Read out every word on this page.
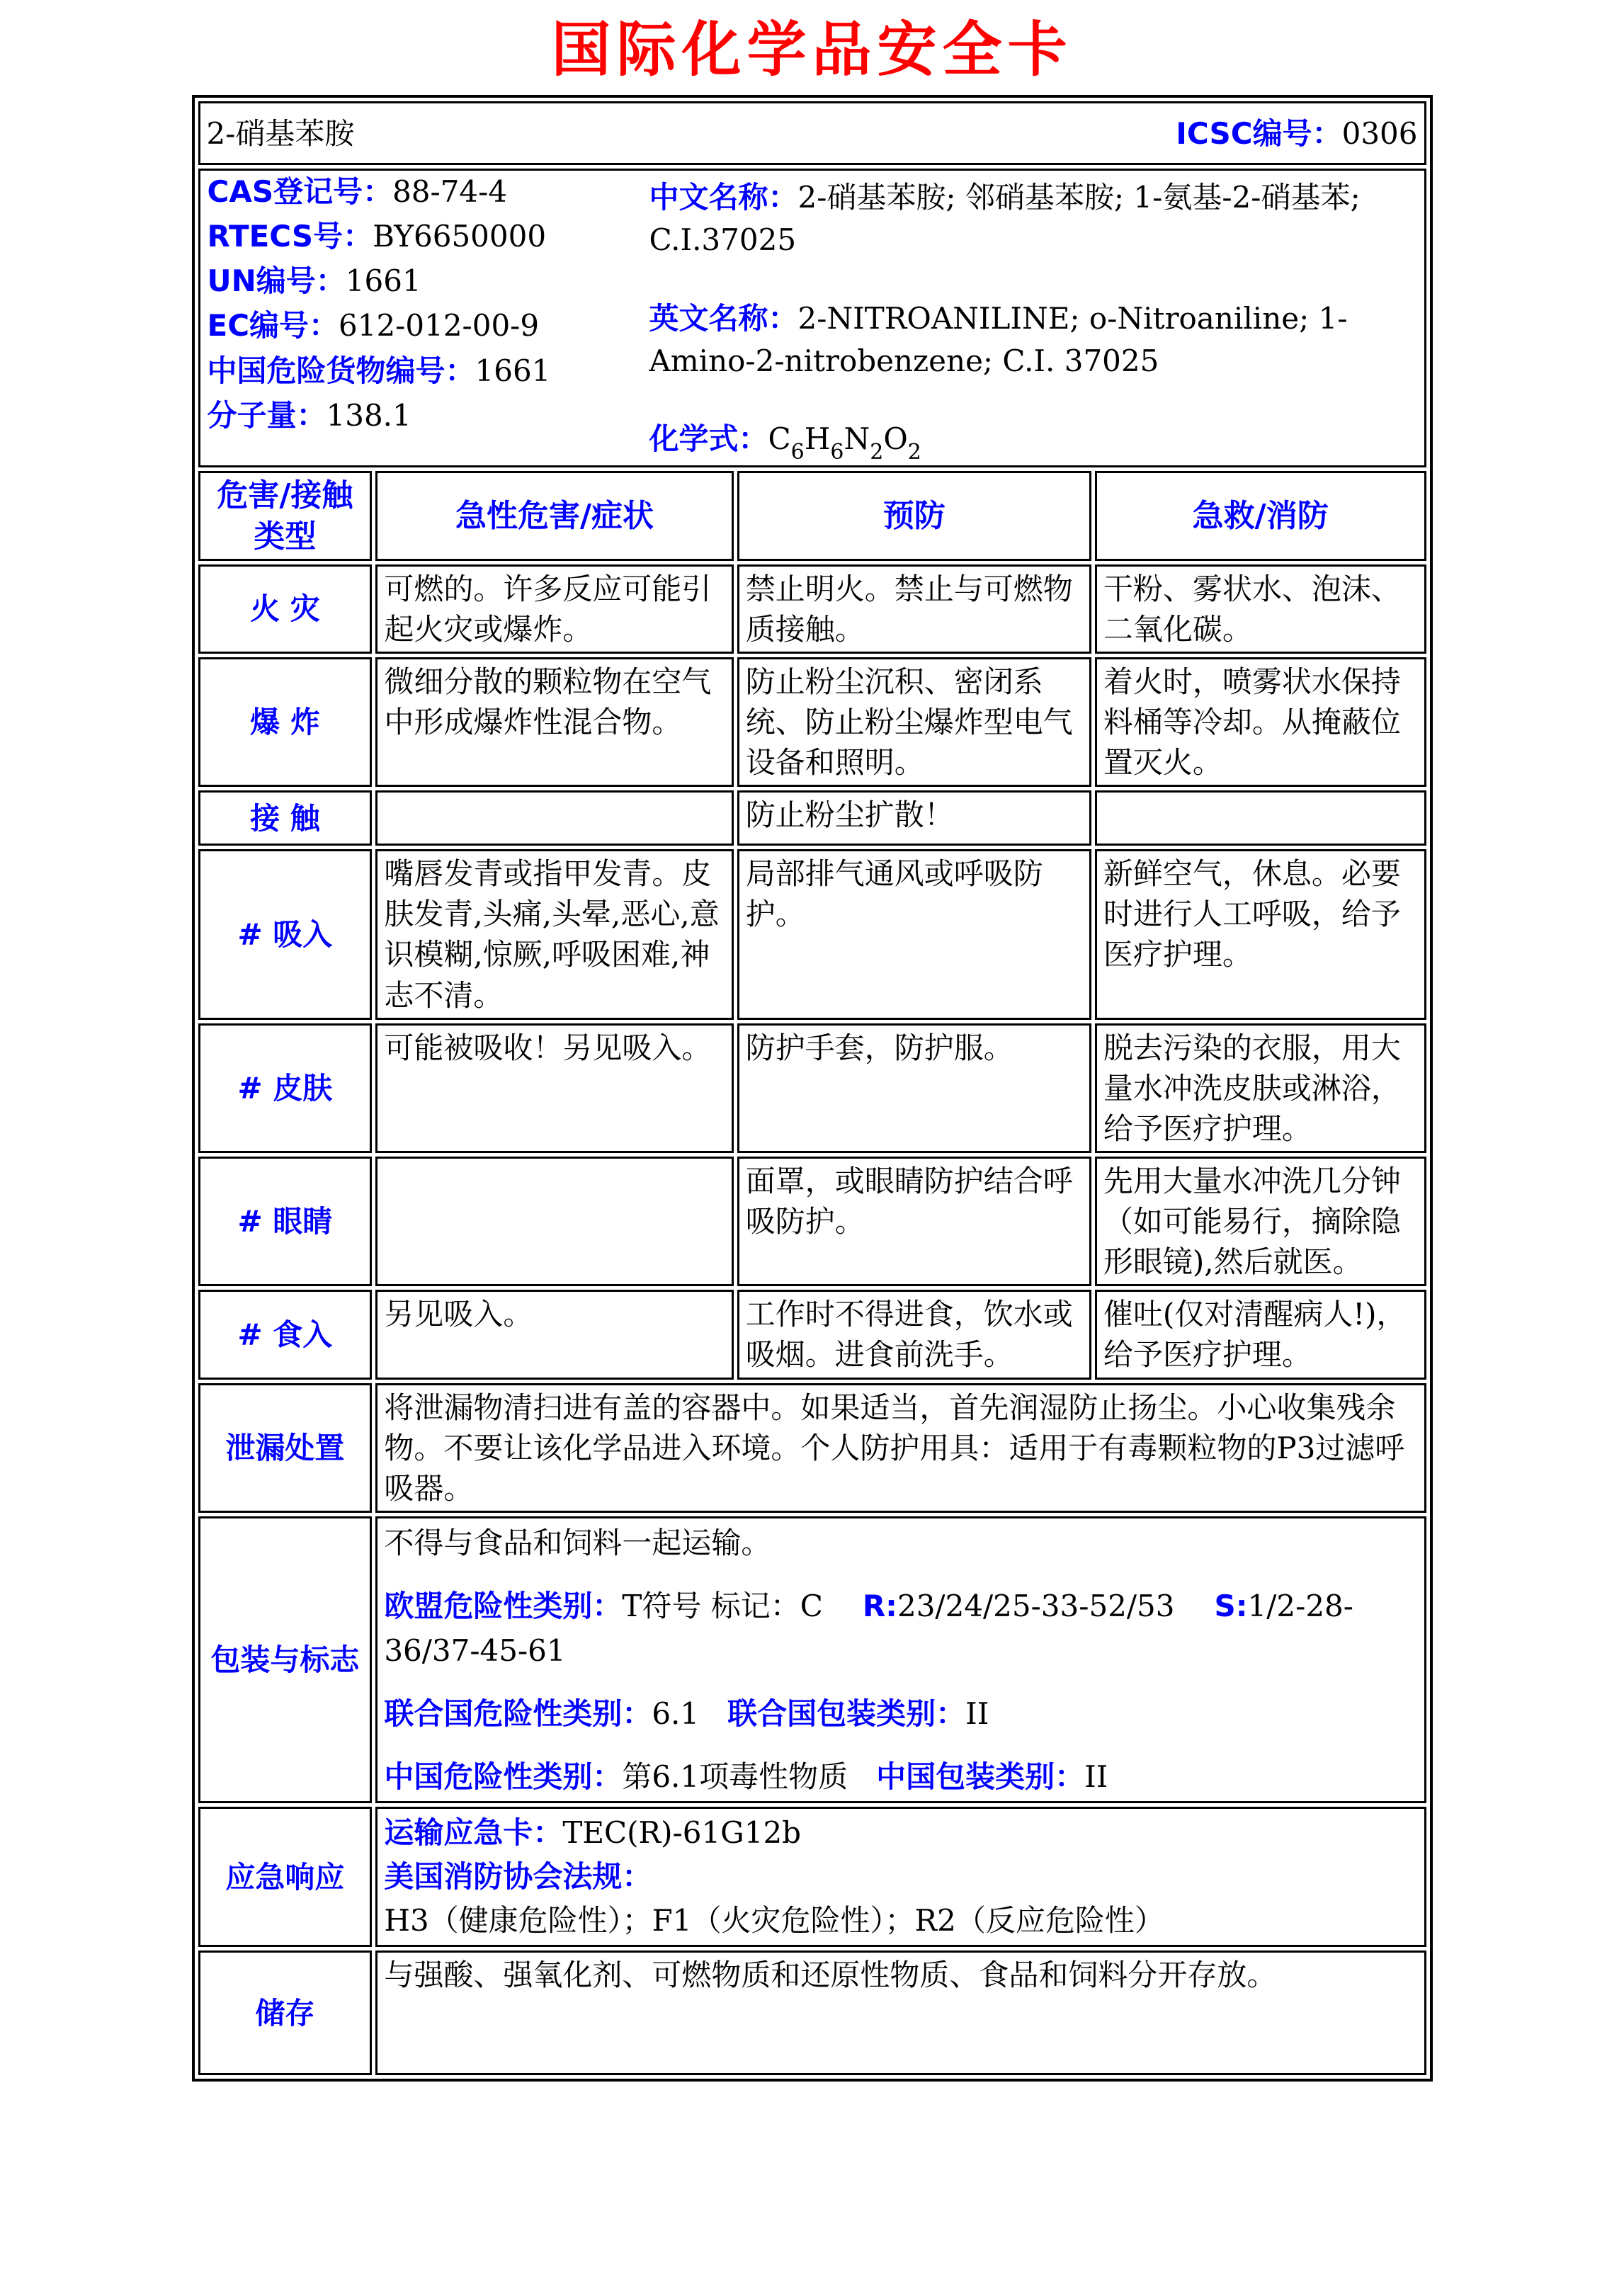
国际化学品安全卡
2-硝基苯胺 ICSC编号：0306			

CAS登记号：88-74-4
RTECS号：BY6650000
UN编号：1661
EC编号：612-012-00-9
中国危险货物编号：1661
分子量：138.1

中文名称：2-硝基苯胺; 邻硝基苯胺; 1-氨基-2-硝基苯; C.I.37025

英文名称：2-NITROANILINE; o-Nitroaniline; 1-Amino-2-nitrobenzene; C.I. 37025

化学式：$C_6H_6N_2O_2$

危害/接触 类型	急性危害/症状	预防	急救/消防
火 灾	可燃的。许多反应可能引起火灾或爆炸。	禁止明火。禁止与可燃物质接触。	干粉、雾状水、泡沫、二氧化碳。
爆 炸	微细分散的颗粒物在空气中形成爆炸性混合物。	防止粉尘沉积、密闭系统、防止粉尘爆炸型电气设备和照明。	着火时，喷雾状水保持料桶等冷却。从掩蔽位置灭火。
接 触		防止粉尘扩散！	
# 吸入	嘴唇发青或指甲发青。皮肤发青,头痛,头晕,恶心,意识模糊,惊厥,呼吸困难,神志不清。	局部排气通风或呼吸防护。	新鲜空气，休息。必要时进行人工呼吸，给予医疗护理。
# 皮肤	可能被吸收！另见吸入。	防护手套，防护服。	脱去污染的衣服，用大量水冲洗皮肤或淋浴，给予医疗护理。
# 眼睛		面罩，或眼睛防护结合呼吸防护。	先用大量水冲洗几分钟（如可能易行，摘除隐形眼镜),然后就医。
# 食入	另见吸入。	工作时不得进食，饮水或吸烟。进食前洗手。	催吐(仅对清醒病人!)，给予医疗护理。
泄漏处置	将泄漏物清扫进有盖的容器中。如果适当，首先润湿防止扬尘。小心收集残余物。不要让该化学品进入环境。个人防护用具：适用于有毒颗粒物的P3过滤呼吸器。		
包装与标志	不得与食品和饲料一起运输。

欧盟危险性类别：T符号 标记：C R:23/24/25-33-52/53 S:1/2-28-36/37-45-61

联合国危险性类别：6.1 联合国包装类别：II

中国危险性类别：第6.1项毒性物质 中国包装类别：II		

应急响应	运输应急卡：TEC(R)-61G12b

美国消防协会法规：H3（健康危险性）；F1（火灾危险性）；R2（反应危险性）		

储存	与强酸、强氧化剂、可燃物质和还原性物质、食品和饲料分开存放。		
